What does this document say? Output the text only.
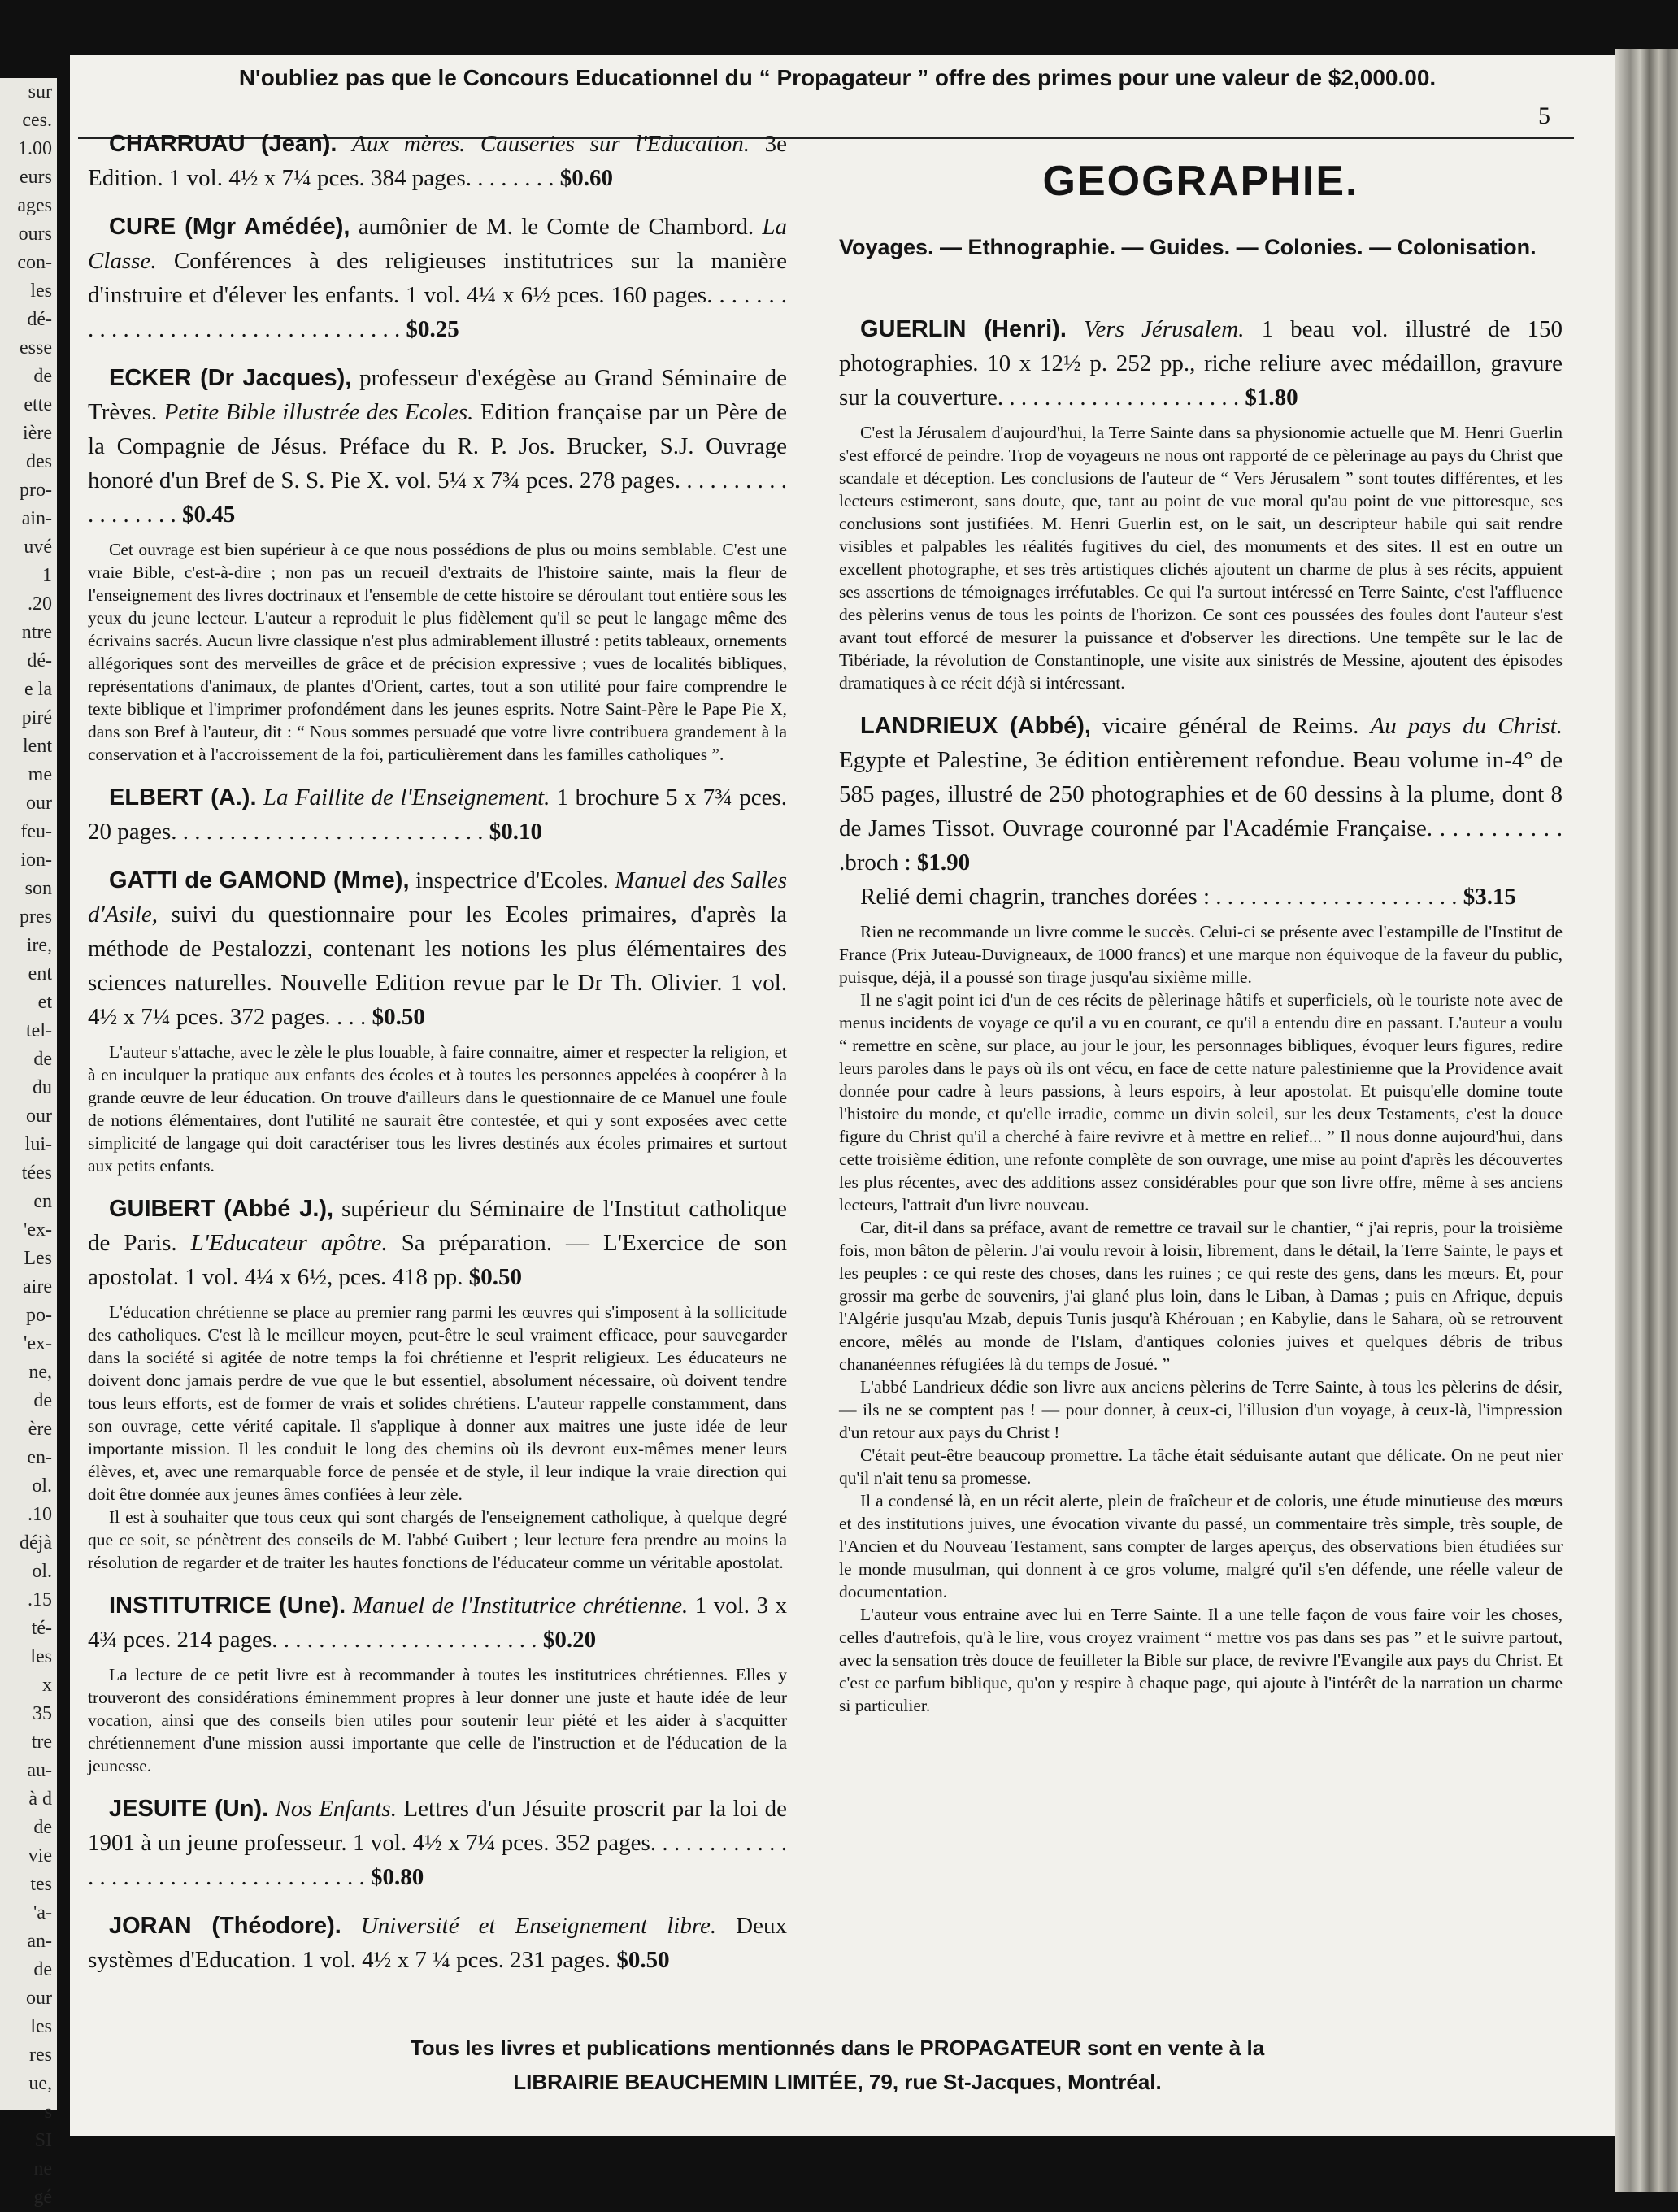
sur
ces.
1.00
eurs
ages
ours
con-
les
dé-
esse
de
ette
ière
des
pro-
ain-
uvé
1
.20
ntre
dé-
e la
piré
lent
me
our
feu-
ion-
son
pres
ire,
ent
et
tel-
de
du
our
lui-
tées
en
'ex-
Les
aire
po-
'ex-
ne,
de
ère
en-
ol.
.10
déjà
ol.
.15
té-
les
x
35
tre
au-
à d
de
vie
tes
'a-
an-
de
our
les
res
ue,
s
SI
ne
gé
N'oubliez pas que le Concours Educationnel du “ Propagateur ” offre des primes pour une valeur de $2,000.00.
5
CHARRUAU (Jean). Aux mères. Causeries sur l'Education. 3e Edition. 1 vol. 4½ x 7¼ pces. 384 pages. . . . . . . . $0.60
CURE (Mgr Amédée), aumônier de M. le Comte de Chambord. La Classe. Conférences à des religieuses institutrices sur la manière d'instruire et d'élever les enfants. 1 vol. 4¼ x 6½ pces. 160 pages. . . . . . . . . . . . . . . . . . . . . . . . . . . . . . . . . . $0.25
ECKER (Dr Jacques), professeur d'exégèse au Grand Séminaire de Trèves. Petite Bible illustrée des Ecoles. Edition française par un Père de la Compagnie de Jésus. Préface du R. P. Jos. Brucker, S.J. Ouvrage honoré d'un Bref de S. S. Pie X. vol. 5¼ x 7¾ pces. 278 pages. . . . . . . . . . . . . . . . . . $0.45

Cet ouvrage est bien supérieur à ce que nous possédions de plus ou moins semblable. C'est une vraie Bible, c'est-à-dire ; non pas un recueil d'extraits de l'histoire sainte, mais la fleur de l'enseignement des livres doctrinaux et l'ensemble de cette histoire se déroulant tout entière sous les yeux du jeune lecteur. L'auteur a reproduit le plus fidèlement qu'il se peut le langage même des écrivains sacrés. Aucun livre classique n'est plus admirablement illustré : petits tableaux, ornements allégoriques sont des merveilles de grâce et de précision expressive ; vues de localités bibliques, représentations d'animaux, de plantes d'Orient, cartes, tout a son utilité pour faire comprendre le texte biblique et l'imprimer profondément dans les jeunes esprits. Notre Saint-Père le Pape Pie X, dans son Bref à l'auteur, dit : “ Nous sommes persuadé que votre livre contribuera grandement à la conservation et à l'accroissement de la foi, particulièrement dans les familles catholiques ”.

ELBERT (A.). La Faillite de l'Enseignement. 1 brochure 5 x 7¾ pces. 20 pages. . . . . . . . . . . . . . . . . . . . . . . . . . . $0.10
GATTI de GAMOND (Mme), inspectrice d'Ecoles. Manuel des Salles d'Asile, suivi du questionnaire pour les Ecoles primaires, d'après la méthode de Pestalozzi, contenant les notions les plus élémentaires des sciences naturelles. Nouvelle Edition revue par le Dr Th. Olivier. 1 vol. 4½ x 7¼ pces. 372 pages. . . . $0.50

L'auteur s'attache, avec le zèle le plus louable, à faire connaitre, aimer et respecter la religion, et à en inculquer la pratique aux enfants des écoles et à toutes les personnes appelées à coopérer à la grande œuvre de leur éducation. On trouve d'ailleurs dans le questionnaire de ce Manuel une foule de notions élémentaires, dont l'utilité ne saurait être contestée, et qui y sont exposées avec cette simplicité de langage qui doit caractériser tous les livres destinés aux écoles primaires et surtout aux petits enfants.

GUIBERT (Abbé J.), supérieur du Séminaire de l'Institut catholique de Paris. L'Educateur apôtre. Sa préparation. — L'Exercice de son apostolat. 1 vol. 4¼ x 6½, pces. 418 pp. $0.50

L'éducation chrétienne se place au premier rang parmi les œuvres qui s'imposent à la sollicitude des catholiques. C'est là le meilleur moyen, peut-être le seul vraiment efficace, pour sauvegarder dans la société si agitée de notre temps la foi chrétienne et l'esprit religieux. Les éducateurs ne doivent donc jamais perdre de vue que le but essentiel, absolument nécessaire, où doivent tendre tous leurs efforts, est de former de vrais et solides chrétiens. L'auteur rappelle constamment, dans son ouvrage, cette vérité capitale. Il s'applique à donner aux maitres une juste idée de leur importante mission. Il les conduit le long des chemins où ils devront eux-mêmes mener leurs élèves, et, avec une remarquable force de pensée et de style, il leur indique la vraie direction qui doit être donnée aux jeunes âmes confiées à leur zèle.

Il est à souhaiter que tous ceux qui sont chargés de l'enseignement catholique, à quelque degré que ce soit, se pénètrent des conseils de M. l'abbé Guibert ; leur lecture fera prendre au moins la résolution de regarder et de traiter les hautes fonctions de l'éducateur comme un véritable apostolat.

INSTITUTRICE (Une). Manuel de l'Institutrice chrétienne. 1 vol. 3 x 4¾ pces. 214 pages. . . . . . . . . . . . . . . . . . . . . . . $0.20

La lecture de ce petit livre est à recommander à toutes les institutrices chrétiennes. Elles y trouveront des considérations éminemment propres à leur donner une juste et haute idée de leur vocation, ainsi que des conseils bien utiles pour soutenir leur piété et les aider à s'acquitter chrétiennement d'une mission aussi importante que celle de l'instruction et de l'éducation de la jeunesse.

JESUITE (Un). Nos Enfants. Lettres d'un Jésuite proscrit par la loi de 1901 à un jeune professeur. 1 vol. 4½ x 7¼ pces. 352 pages. . . . . . . . . . . . . . . . . . . . . . . . . . . . . . . . . . . . $0.80
JORAN (Théodore). Université et Enseignement libre. Deux systèmes d'Education. 1 vol. 4½ x 7 ¼ pces. 231 pages. $0.50
GEOGRAPHIE.
Voyages. — Ethnographie. — Guides. — Colonies. — Colonisation.
GUERLIN (Henri). Vers Jérusalem. 1 beau vol. illustré de 150 photographies. 10 x 12½ p. 252 pp., riche reliure avec médaillon, gravure sur la couverture. . . . . . . . . . . . . . . . . . . . . $1.80

C'est la Jérusalem d'aujourd'hui, la Terre Sainte dans sa physionomie actuelle que M. Henri Guerlin s'est efforcé de peindre. Trop de voyageurs ne nous ont rapporté de ce pèlerinage au pays du Christ que scandale et déception. Les conclusions de l'auteur de “ Vers Jérusalem ” sont toutes différentes, et les lecteurs estimeront, sans doute, que, tant au point de vue moral qu'au point de vue pittoresque, ses conclusions sont justifiées. M. Henri Guerlin est, on le sait, un descripteur habile qui sait rendre visibles et palpables les réalités fugitives du ciel, des monuments et des sites. Il est en outre un excellent photographe, et ses très artistiques clichés ajoutent un charme de plus à ses récits, appuient ses assertions de témoignages irréfutables. Ce qui l'a surtout intéressé en Terre Sainte, c'est l'affluence des pèlerins venus de tous les points de l'horizon. Ce sont ces poussées des foules dont l'auteur s'est avant tout efforcé de mesurer la puissance et d'observer les directions. Une tempête sur le lac de Tibériade, la révolution de Constantinople, une visite aux sinistrés de Messine, ajoutent des épisodes dramatiques à ce récit déjà si intéressant.

LANDRIEUX (Abbé), vicaire général de Reims. Au pays du Christ. Egypte et Palestine, 3e édition entièrement refondue. Beau volume in-4° de 585 pages, illustré de 250 photographies et de 60 dessins à la plume, dont 8 de James Tissot. Ouvrage couronné par l'Académie Française. . . . . . . . . . . .broch : $1.90
Relié demi chagrin, tranches dorées : . . . . . . . . . . . . . . . . . . . . . $3.15

Rien ne recommande un livre comme le succès. Celui-ci se présente avec l'estampille de l'Institut de France (Prix Juteau-Duvigneaux, de 1000 francs) et une marque non équivoque de la faveur du public, puisque, déjà, il a poussé son tirage jusqu'au sixième mille.

Il ne s'agit point ici d'un de ces récits de pèlerinage hâtifs et superficiels, où le touriste note avec de menus incidents de voyage ce qu'il a vu en courant, ce qu'il a entendu dire en passant. L'auteur a voulu “ remettre en scène, sur place, au jour le jour, les personnages bibliques, évoquer leurs figures, redire leurs paroles dans le pays où ils ont vécu, en face de cette nature palestinienne que la Providence avait donnée pour cadre à leurs passions, à leurs espoirs, à leur apostolat. Et puisqu'elle domine toute l'histoire du monde, et qu'elle irradie, comme un divin soleil, sur les deux Testaments, c'est la douce figure du Christ qu'il a cherché à faire revivre et à mettre en relief... ” Il nous donne aujourd'hui, dans cette troisième édition, une refonte complète de son ouvrage, une mise au point d'après les découvertes les plus récentes, avec des additions assez considérables pour que son livre offre, même à ses anciens lecteurs, l'attrait d'un livre nouveau.

Car, dit-il dans sa préface, avant de remettre ce travail sur le chantier, “ j'ai repris, pour la troisième fois, mon bâton de pèlerin. J'ai voulu revoir à loisir, librement, dans le détail, la Terre Sainte, le pays et les peuples : ce qui reste des choses, dans les ruines ; ce qui reste des gens, dans les mœurs. Et, pour grossir ma gerbe de souvenirs, j'ai glané plus loin, dans le Liban, à Damas ; puis en Afrique, depuis l'Algérie jusqu'au Mzab, depuis Tunis jusqu'à Khérouan ; en Kabylie, dans le Sahara, où se retrouvent encore, mêlés au monde de l'Islam, d'antiques colonies juives et quelques débris de tribus chananéennes réfugiées là du temps de Josué. ”

L'abbé Landrieux dédie son livre aux anciens pèlerins de Terre Sainte, à tous les pèlerins de désir, — ils ne se comptent pas ! — pour donner, à ceux-ci, l'illusion d'un voyage, à ceux-là, l'impression d'un retour aux pays du Christ !

C'était peut-être beaucoup promettre. La tâche était séduisante autant que délicate. On ne peut nier qu'il n'ait tenu sa promesse.

Il a condensé là, en un récit alerte, plein de fraîcheur et de coloris, une étude minutieuse des mœurs et des institutions juives, une évocation vivante du passé, un commentaire très simple, très souple, de l'Ancien et du Nouveau Testament, sans compter de larges aperçus, des observations bien étudiées sur le monde musulman, qui donnent à ce gros volume, malgré qu'il s'en défende, une réelle valeur de documentation.

L'auteur vous entraine avec lui en Terre Sainte. Il a une telle façon de vous faire voir les choses, celles d'autrefois, qu'à le lire, vous croyez vraiment “ mettre vos pas dans ses pas ” et le suivre partout, avec la sensation très douce de feuilleter la Bible sur place, de revivre l'Evangile aux pays du Christ. Et c'est ce parfum biblique, qu'on y respire à chaque page, qui ajoute à l'intérêt de la narration un charme si particulier.

Tous les livres et publications mentionnés dans le PROPAGATEUR sont en vente à la
LIBRAIRIE BEAUCHEMIN LIMITÉE, 79, rue St-Jacques, Montréal.
